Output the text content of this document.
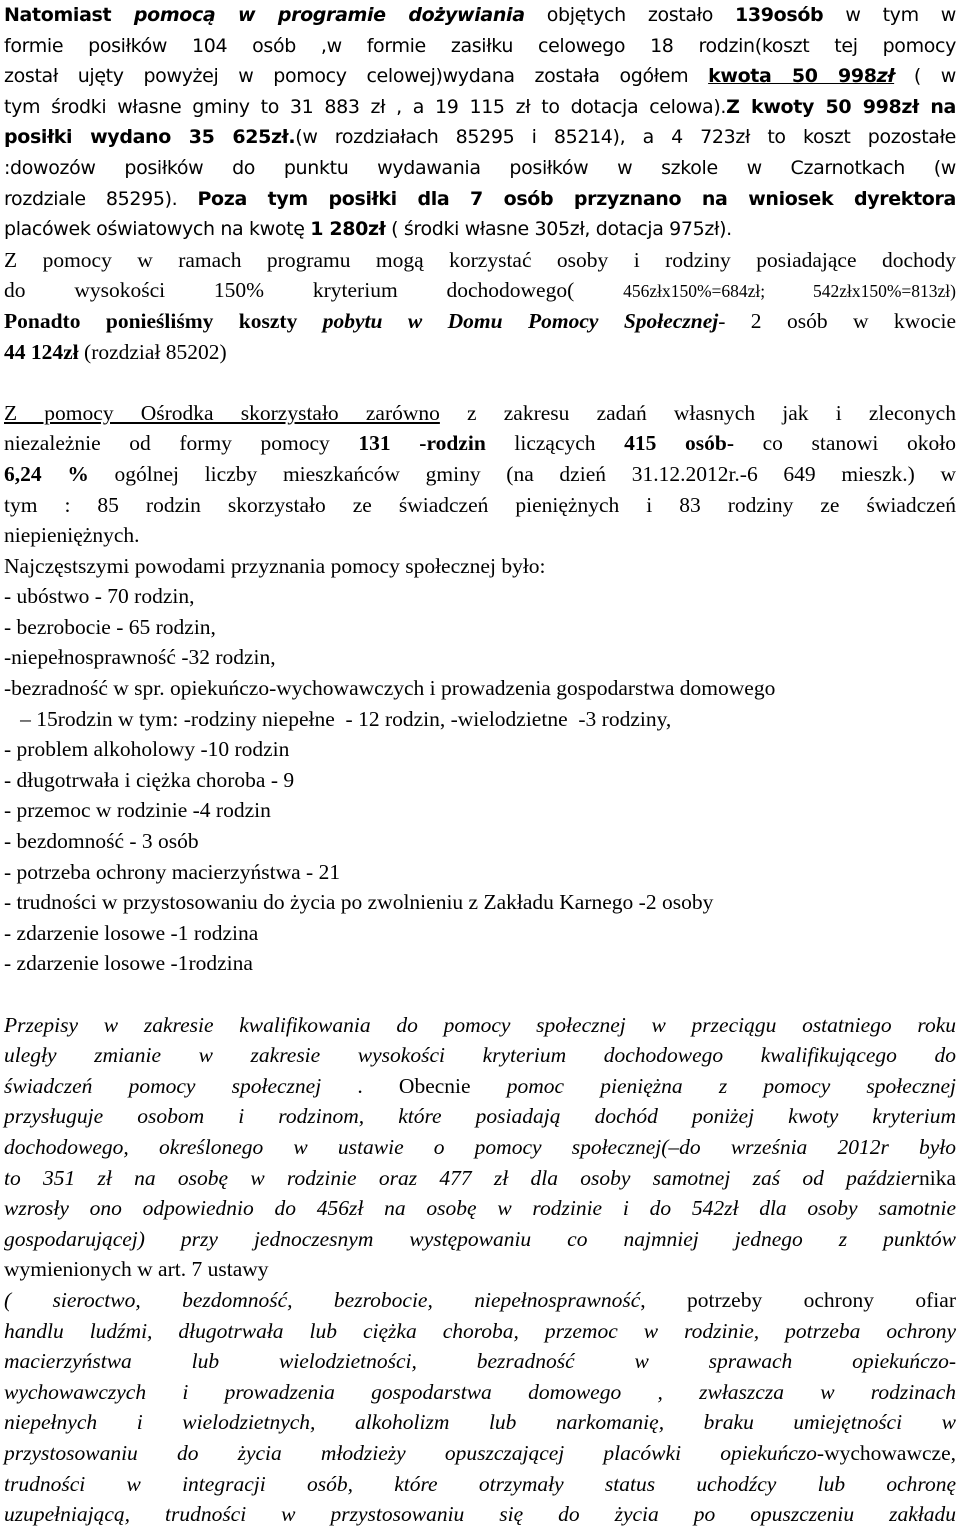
Natomiast pomocą w programie dożywiania objętych zostało 139osób w tym w
formie posiłków 104 osób ,w formie zasiłku celowego 18 rodzin(koszt tej pomocy
został ujęty powyżej w pomocy celowej)wydana została ogółem kwota 50 998zł ( w
tym środki własne gminy to 31 883 zł , a 19 115 zł to dotacja celowa).Z kwoty 50 998zł na
posiłki wydano 35 625zł.(w rozdziałach 85295 i 85214), a 4 723zł to koszt pozostałe
:dowozów posiłków do punktu wydawania posiłków w szkole w Czarnotkach (w
rozdziale 85295). Poza tym posiłki dla 7 osób przyznano na wniosek dyrektora
placówek oświatowych na kwotę 1 280zł ( środki własne 305zł, dotacja 975zł).
Z pomocy w ramach programu mogą korzystać osoby i rodziny posiadające dochody
do wysokości 150% kryterium dochodowego( 456złx150%=684zł; 542złx150%=813zł)
Ponadto ponieśliśmy koszty pobytu w Domu Pomocy Społecznej- 2 osób w kwocie
44 124zł (rozdział 85202)
Z pomocy Ośrodka skorzystało zarówno z zakresu zadań własnych jak i zleconych
niezależnie od formy pomocy 131 -rodzin liczących 415 osób- co stanowi około
6,24 % ogólnej liczby mieszkańców gminy (na dzień 31.12.2012r.-6 649 mieszk.) w
tym : 85 rodzin skorzystało ze świadczeń pieniężnych i 83 rodziny ze świadczeń
niepieniężnych.
Najczęstszymi powodami przyznania pomocy społecznej było:
- ubóstwo - 70 rodzin,
- bezrobocie - 65 rodzin,
-niepełnosprawność -32 rodzin,
-bezradność w spr. opiekuńczo-wychowawczych i prowadzenia gospodarstwa domowego
– 15rodzin w tym: -rodziny niepełne  - 12 rodzin, -wielodzietne  -3 rodziny,
- problem alkoholowy -10 rodzin
- długotrwała i ciężka choroba - 9
- przemoc w rodzinie -4 rodzin
- bezdomność - 3 osób
- potrzeba ochrony macierzyństwa - 21
- trudności w przystosowaniu do życia po zwolnieniu z Zakładu Karnego -2 osoby
- zdarzenie losowe -1 rodzina
- zdarzenie losowe -1rodzina
Przepisy w zakresie kwalifikowania do pomocy społecznej w przeciągu ostatniego roku
uległy zmianie w zakresie wysokości kryterium dochodowego kwalifikującego do
świadczeń pomocy społecznej . Obecnie pomoc pieniężna z pomocy społecznej
przysługuje osobom i rodzinom, które posiadają dochód poniżej kwoty kryterium
dochodowego, określonego w ustawie o pomocy społecznej(–do września 2012r było
to 351 zł na osobę w rodzinie oraz 477 zł dla osoby samotnej zaś od października
wzrosły ono odpowiednio do 456zł na osobę w rodzinie i do 542zł dla osoby samotnie
gospodarującej) przy jednoczesnym występowaniu co najmniej jednego z punktów
wymienionych w art. 7 ustawy
( sieroctwo, bezdomność, bezrobocie, niepełnosprawność, potrzeby ochrony ofiar
handlu ludźmi, długotrwała lub ciężka choroba, przemoc w rodzinie, potrzeba ochrony
macierzyństwa lub wielodzietności, bezradność w sprawach opiekuńczo-
wychowawczych i prowadzenia gospodarstwa domowego , zwłaszcza w rodzinach
niepełnych i wielodzietnych, alkoholizm lub narkomanię, braku umiejętności w
przystosowaniu do życia młodzieży opuszczającej placówki opiekuńczo-wychowawcze,
trudności w integracji osób, które otrzymały status uchodźcy lub ochronę
uzupełniającą, trudności w przystosowaniu się do życia po opuszczeniu zakładu
